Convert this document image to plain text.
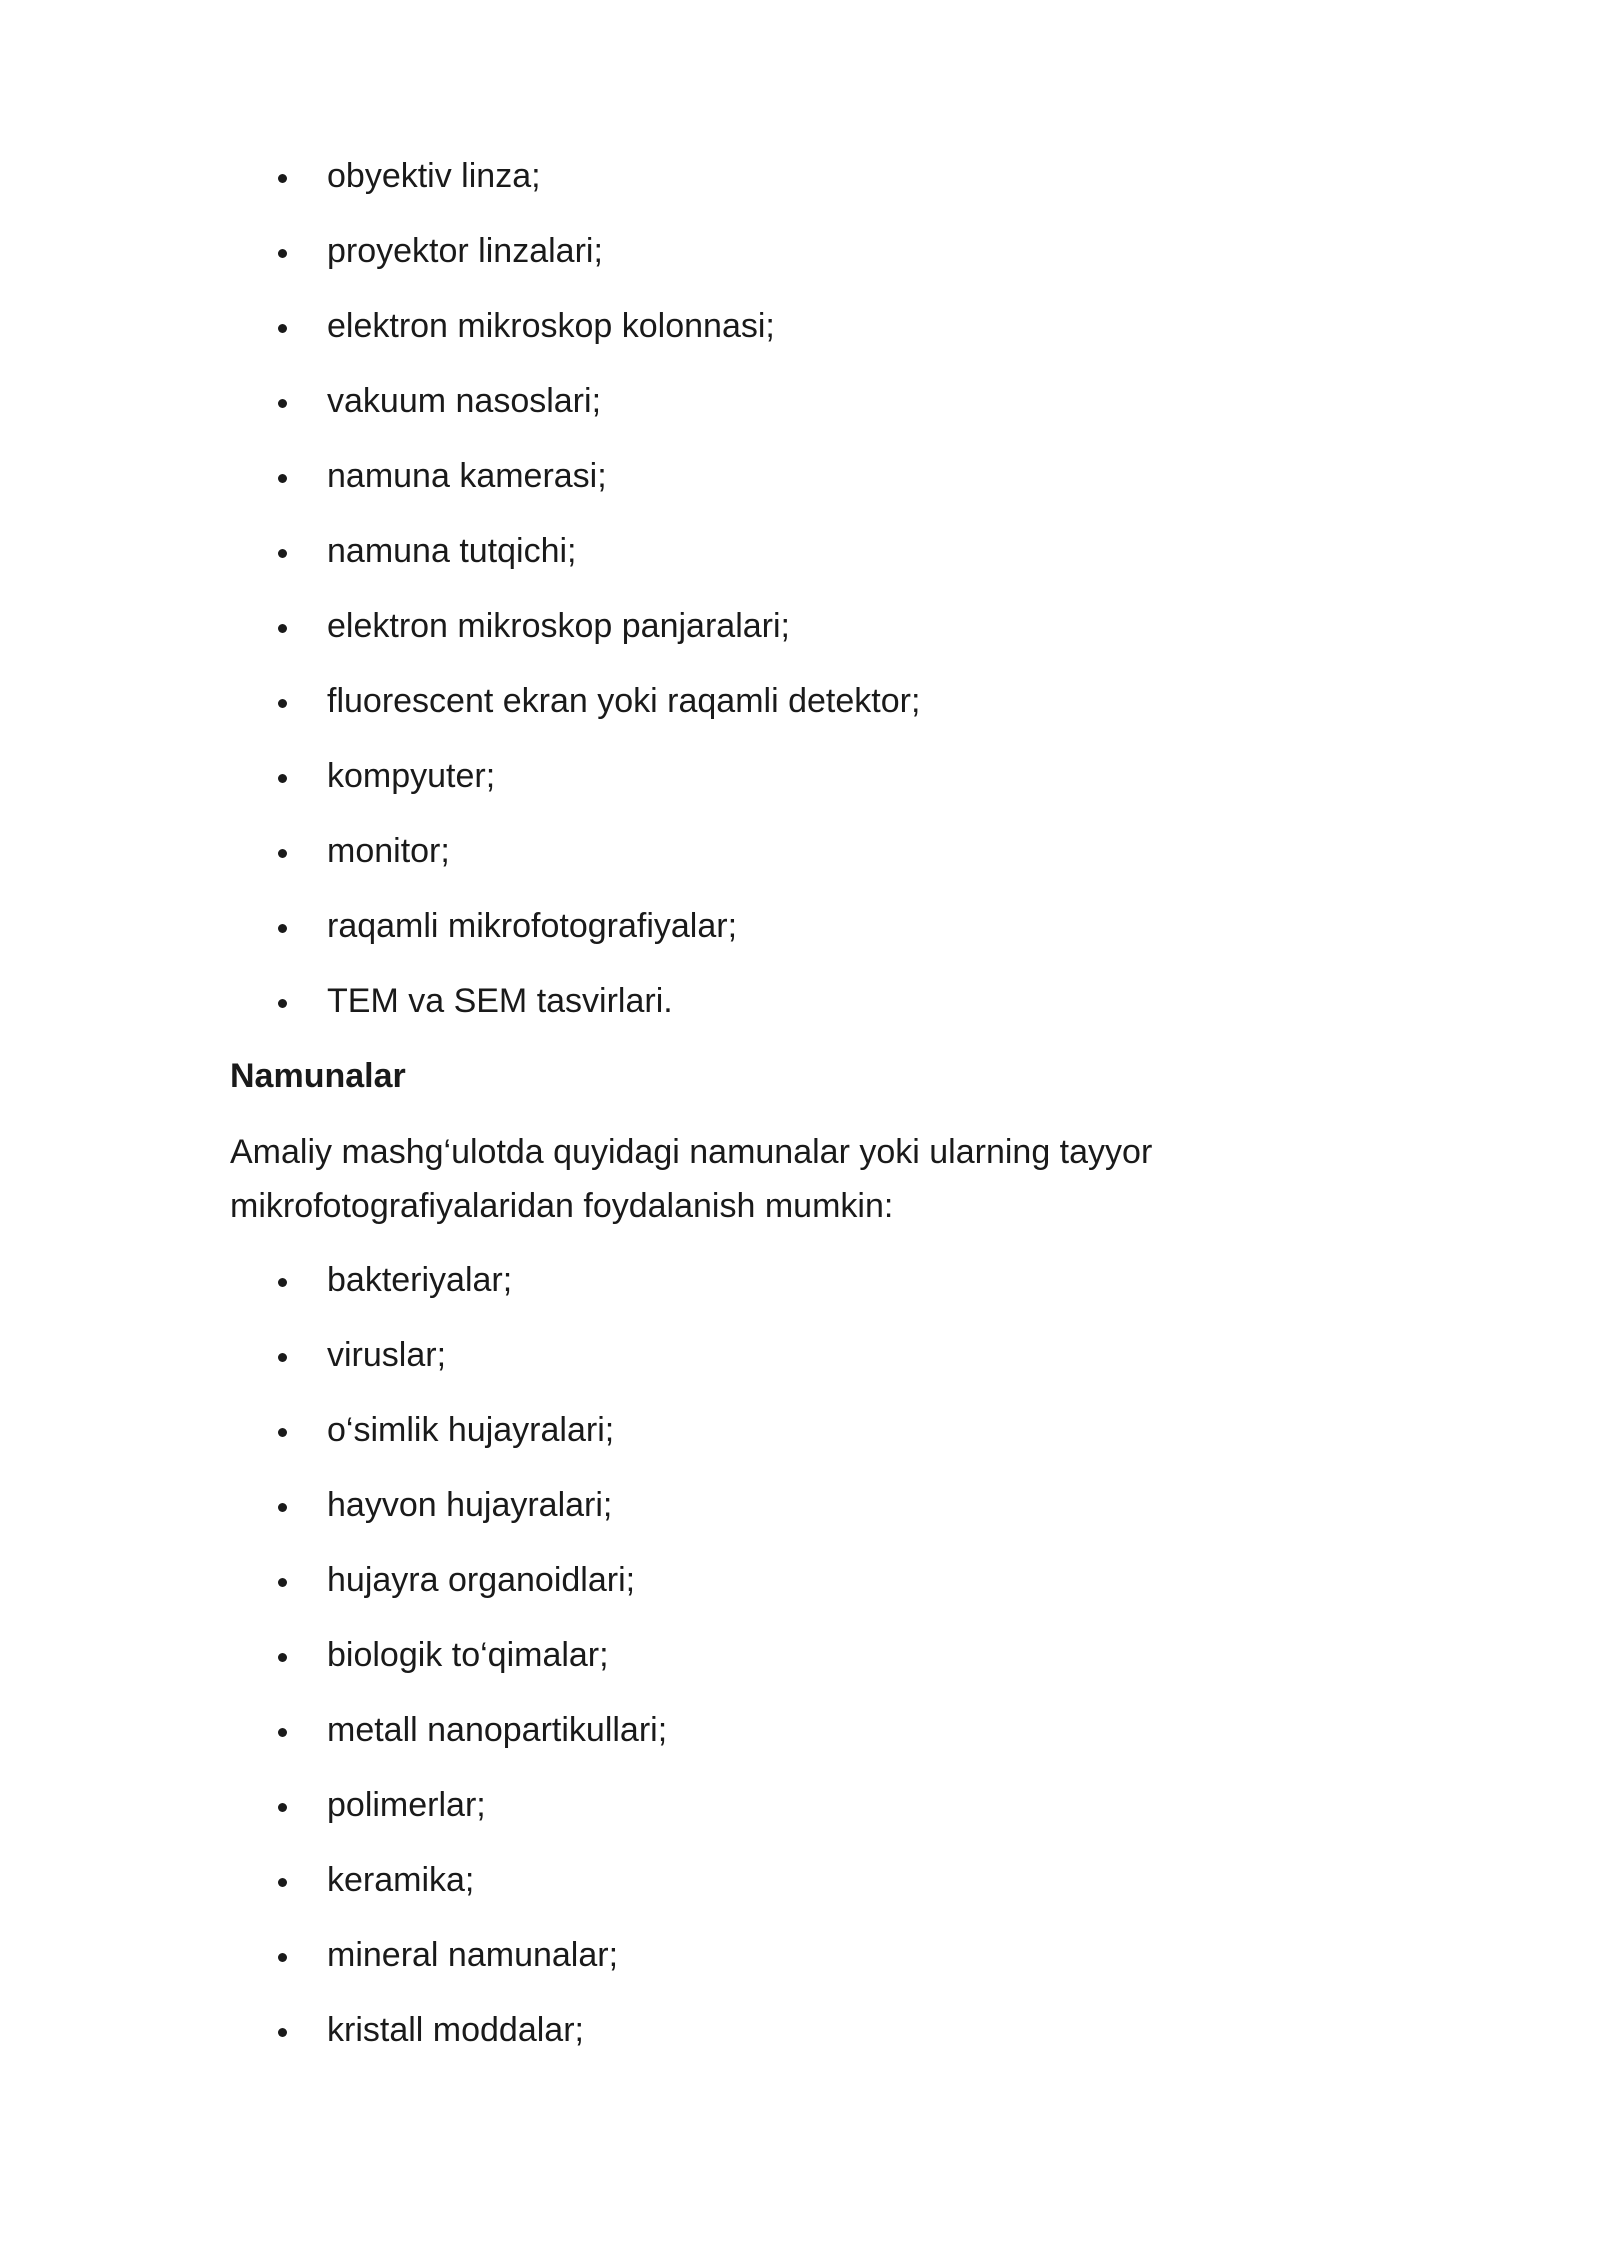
obyektiv linza;
proyektor linzalari;
elektron mikroskop kolonnasi;
vakuum nasoslari;
namuna kamerasi;
namuna tutqichi;
elektron mikroskop panjaralari;
fluorescent ekran yoki raqamli detektor;
kompyuter;
monitor;
raqamli mikrofotografiyalar;
TEM va SEM tasvirlari.
Namunalar

Amaliy mashg‘ulotda quyidagi namunalar yoki ularning tayyor mikrofotografiyalaridan foydalanish mumkin:

bakteriyalar;
viruslar;
o‘simlik hujayralari;
hayvon hujayralari;
hujayra organoidlari;
biologik to‘qimalar;
metall nanopartikullari;
polimerlar;
keramika;
mineral namunalar;
kristall moddalar;
